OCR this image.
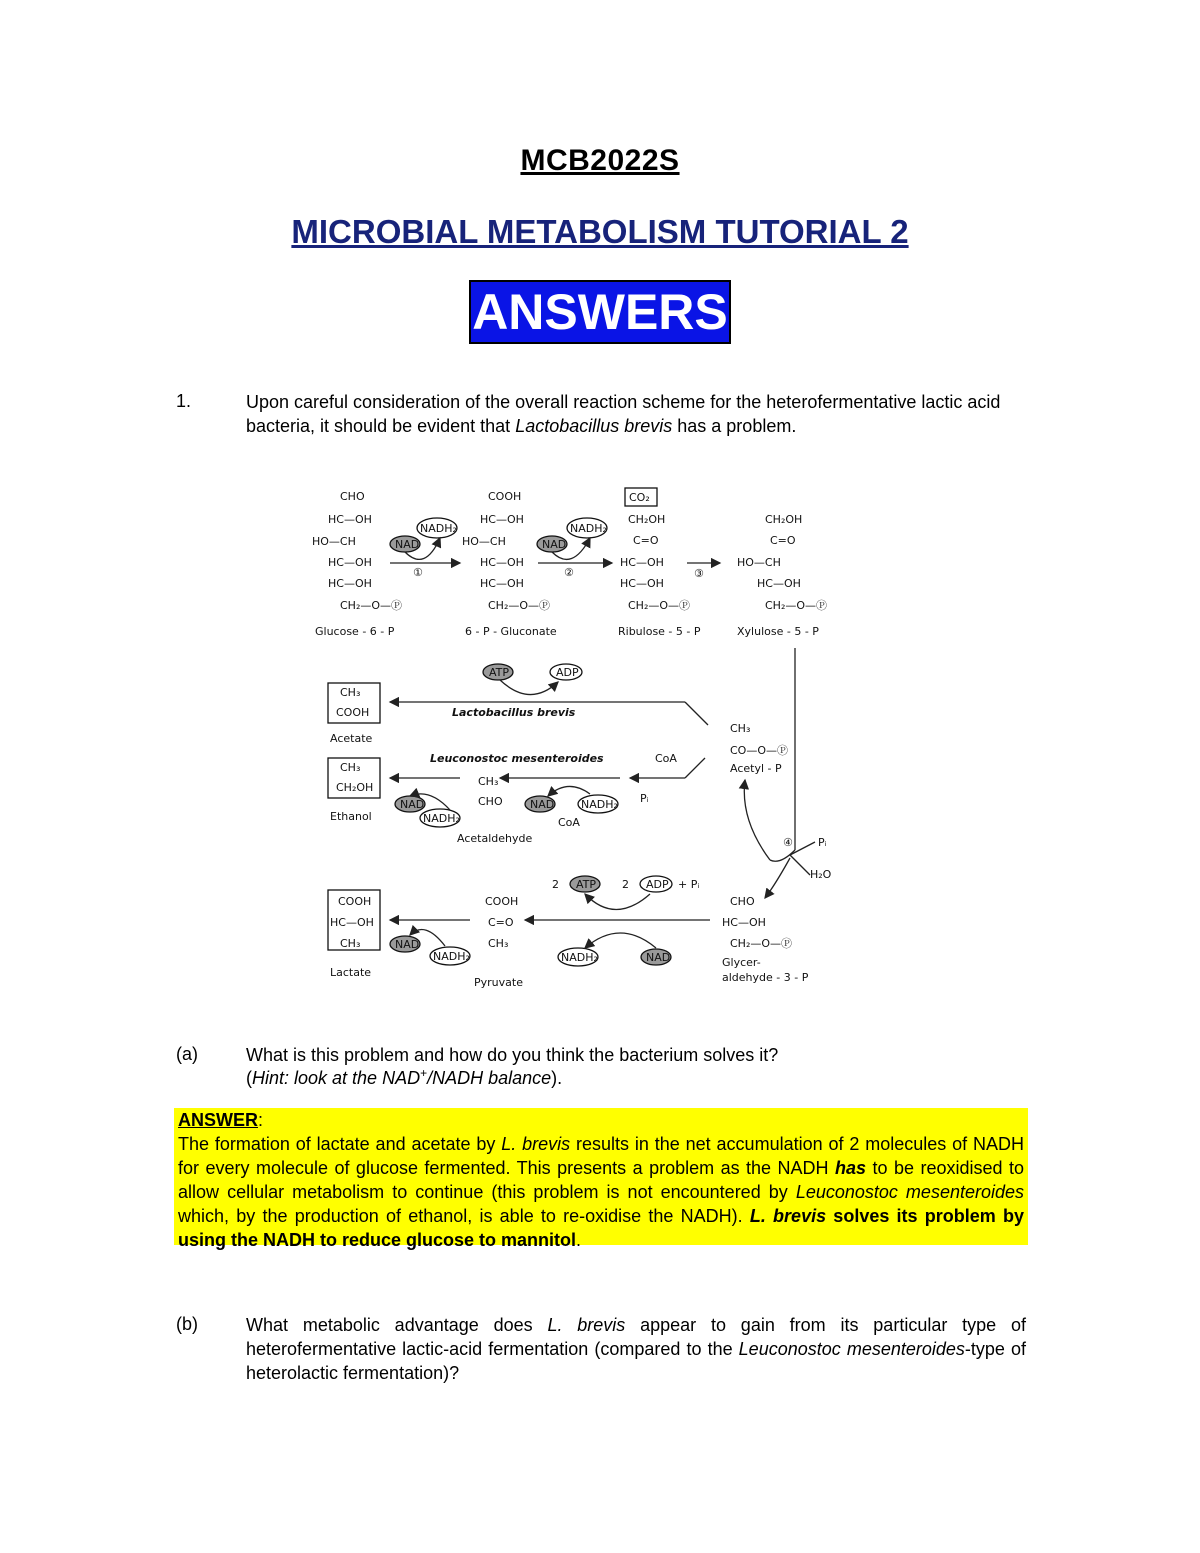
MCB2022S
MICROBIAL METABOLISM TUTORIAL 2
ANSWERS
1.	Upon careful consideration of the overall reaction scheme for the heterofermentative lactic acid bacteria, it should be evident that Lactobacillus brevis has a problem.
CHO
HC—OH
HO—CH
HC—OH
HC—OH
CH₂—O—Ⓟ
Glucose - 6 - P
NAD
NADH₂
①
COOH
HC—OH
HO—CH
HC—OH
HC—OH
CH₂—O—Ⓟ
6 - P - Gluconate
NAD
NADH₂
②
CO₂
CH₂OH
C=O
HC—OH
HC—OH
CH₂—O—Ⓟ
Ribulose - 5 - P
③
CH₂OH
C=O
HO—CH
HC—OH
CH₂—O—Ⓟ
Xylulose - 5 - P
CH₃
COOH
Acetate
ATP	ADP
Lactobacillus brevis
CH₃
CO—O—Ⓟ
Acetyl - P
CH₃
CH₂OH
Ethanol
Leuconostoc mesenteroides
CH₃
CHO
Acetaldehyde
NAD
NADH₂
NAD NADH₂
CoA
CoA
Pᵢ
④ Pᵢ
H₂O
COOH
HC—OH
CH₃
Lactate
NAD
NADH₂
COOH
C=O
CH₃
Pyruvate
2 ATP 2 ADP + Pᵢ
NAD
NADH₂
CHO
HC—OH
CH₂—O—Ⓟ
Glycer-
aldehyde - 3 - P
(a)	What is this problem and how do you think the bacterium solves it?
(Hint: look at the NAD+/NADH balance).
ANSWER:
The formation of lactate and acetate by L. brevis results in the net accumulation of 2 molecules of NADH for every molecule of glucose fermented. This presents a problem as the NADH has to be reoxidised to allow cellular metabolism to continue (this problem is not encountered by Leuconostoc mesenteroides which, by the production of ethanol, is able to re-oxidise the NADH). L. brevis solves its problem by using the NADH to reduce glucose to mannitol.
(b)	What metabolic advantage does L. brevis appear to gain from its particular type of heterofermentative lactic-acid fermentation (compared to the Leuconostoc mesenteroides-type of heterolactic fermentation)?
